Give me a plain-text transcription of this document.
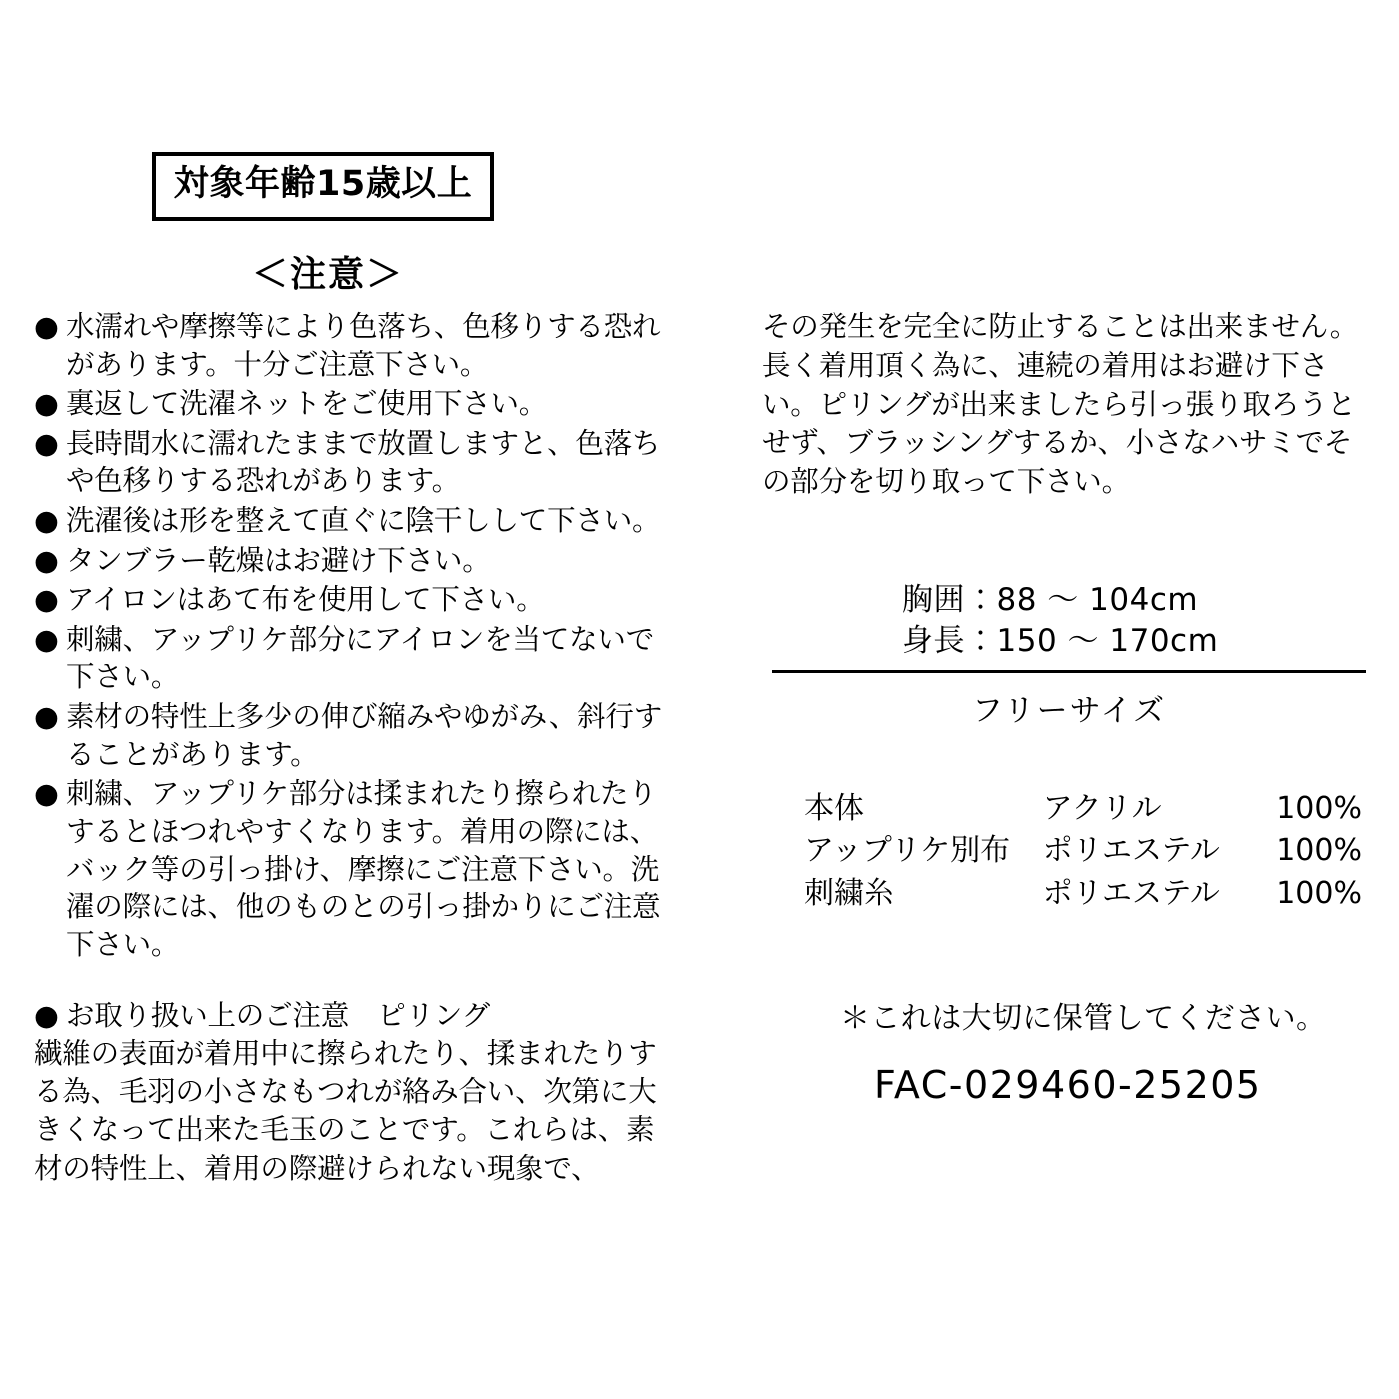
対象年齢15歳以上
＜注意＞

● 水濡れや摩擦等により色落ち、色移りする恐れがあります。十分ご注意下さい。

● 裏返して洗濯ネットをご使用下さい。

● 長時間水に濡れたままで放置しますと、色落ちや色移りする恐れがあります。

● 洗濯後は形を整えて直ぐに陰干しして下さい。

● タンブラー乾燥はお避け下さい。

● アイロンはあて布を使用して下さい。

● 刺繍、アップリケ部分にアイロンを当てないで下さい。

● 素材の特性上多少の伸び縮みやゆがみ、斜行することがあります。

● 刺繍、アップリケ部分は揉まれたり擦られたりするとほつれやすくなります。着用の際には、バック等の引っ掛け、摩擦にご注意下さい。洗濯の際には、他のものとの引っ掛かりにご注意下さい。

● お取り扱い上のご注意　ピリング

繊維の表面が着用中に擦られたり、揉まれたりする為、毛羽の小さなもつれが絡み合い、次第に大きくなって出来た毛玉のことです。これらは、素材の特性上、着用の際避けられない現象で、

その発生を完全に防止することは出来ません。長く着用頂く為に、連続の着用はお避け下さい。ピリングが出来ましたら引っ張り取ろうとせず、ブラッシングするか、小さなハサミでその部分を切り取って下さい。

胸囲：88 〜 104cm
身長：150 〜 170cm
フリーサイズ
本体	アクリル	100%
アップリケ別布	ポリエステル	100%
刺繍糸	ポリエステル	100%
＊これは大切に保管してください。
FAC-029460-25205
